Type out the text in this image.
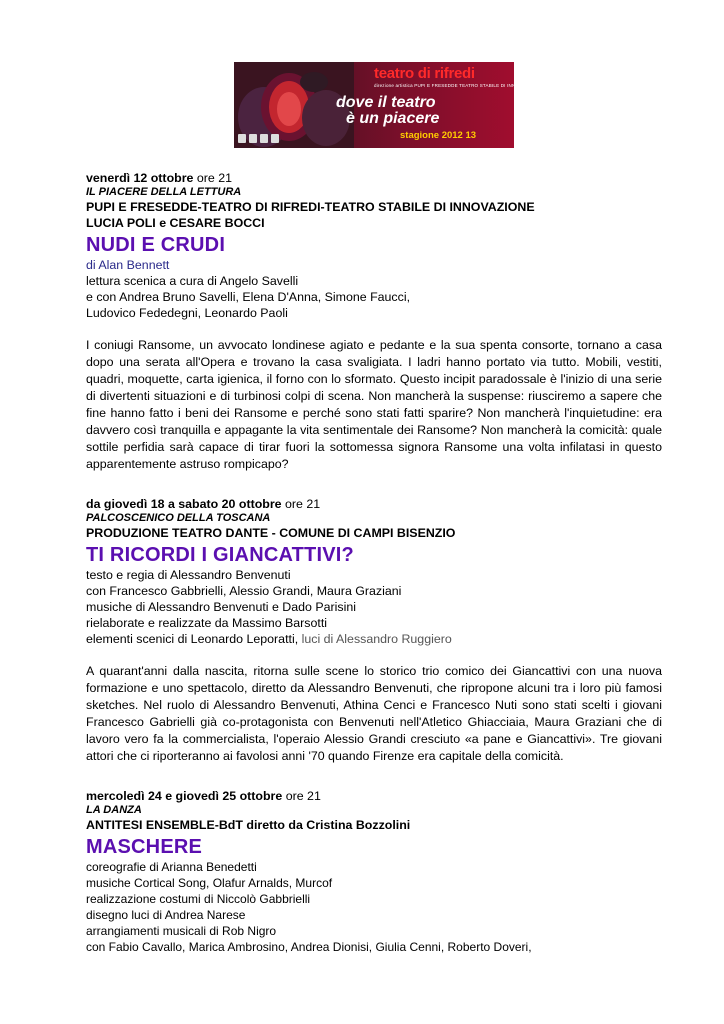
teatro di rifredi
direzione artistica PUPI E FRESEDDE TEATRO STABILE DI INNOVAZIONE
dove il teatro
è un piacere
stagione 2012 13
venerdì 12 ottobre ore 21
IL PIACERE DELLA LETTURA
PUPI E FRESEDDE-TEATRO DI RIFREDI-TEATRO STABILE DI INNOVAZIONE
LUCIA POLI e CESARE BOCCI
NUDI E CRUDI
di Alan Bennett
lettura scenica a cura di Angelo Savelli
e con Andrea Bruno Savelli, Elena D'Anna, Simone Faucci,
Ludovico Fededegni, Leonardo Paoli

I coniugi Ransome, un avvocato londinese agiato e pedante e la sua spenta consorte, tornano a casa dopo una serata all'Opera e trovano la casa svaligiata. I ladri hanno portato via tutto. Mobili, vestiti, quadri, moquette, carta igienica, il forno con lo sformato. Questo incipit paradossale è l'inizio di una serie di divertenti situazioni e di turbinosi colpi di scena. Non mancherà la suspense: riusciremo a sapere che fine hanno fatto i beni dei Ransome e perché sono stati fatti sparire? Non mancherà l'inquietudine: era davvero così tranquilla e appagante la vita sentimentale dei Ransome? Non mancherà la comicità: quale sottile perfidia sarà capace di tirar fuori la sottomessa signora Ransome una volta infilatasi in questo apparentemente astruso rompicapo?

da giovedì 18 a sabato 20 ottobre ore 21
PALCOSCENICO DELLA TOSCANA
PRODUZIONE TEATRO DANTE - COMUNE DI CAMPI BISENZIO
TI RICORDI I GIANCATTIVI?
testo e regia di Alessandro Benvenuti
con Francesco Gabbrielli, Alessio Grandi, Maura Graziani
musiche di Alessandro Benvenuti e Dado Parisini
rielaborate e realizzate da Massimo Barsotti
elementi scenici di Leonardo Leporatti, luci di Alessandro Ruggiero

A quarant'anni dalla nascita, ritorna sulle scene lo storico trio comico dei Giancattivi con una nuova formazione e uno spettacolo, diretto da Alessandro Benvenuti, che ripropone alcuni tra i loro più famosi sketches. Nel ruolo di Alessandro Benvenuti, Athina Cenci e Francesco Nuti sono stati scelti i giovani Francesco Gabrielli già co-protagonista con Benvenuti nell'Atletico Ghiacciaia, Maura Graziani che di lavoro vero fa la commercialista, l'operaio Alessio Grandi cresciuto «a pane e Giancattivi». Tre giovani attori che ci riporteranno ai favolosi anni '70 quando Firenze era capitale della comicità.

mercoledì 24 e giovedì 25 ottobre ore 21
LA DANZA
ANTITESI ENSEMBLE-BdT diretto da Cristina Bozzolini
MASCHERE
coreografie di Arianna Benedetti
musiche Cortical Song, Olafur Arnalds, Murcof
realizzazione costumi di Niccolò Gabbrielli
disegno luci di Andrea Narese
arrangiamenti musicali di Rob Nigro
con Fabio Cavallo, Marica Ambrosino, Andrea Dionisi, Giulia Cenni, Roberto Doveri,
